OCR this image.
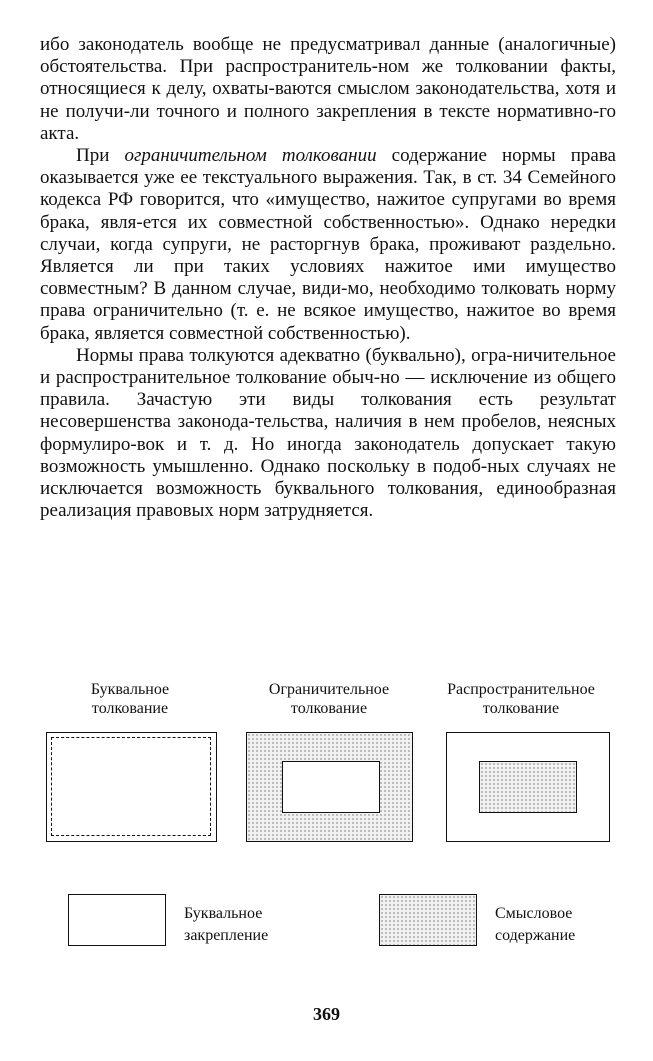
ибо законодатель вообще не предусматривал данные (аналогичные) обстоятельства. При распространитель-ном же толковании факты, относящиеся к делу, охваты-ваются смыслом законодательства, хотя и не получи-ли точного и полного закрепления в тексте нормативно-го акта.

При ограничительном толковании содержание нормы права оказывается уже ее текстуального выражения. Так, в ст. 34 Семейного кодекса РФ говорится, что «имущество, нажитое супругами во время брака, явля-ется их совместной собственностью». Однако нередки случаи, когда супруги, не расторгнув брака, проживают раздельно. Является ли при таких условиях нажитое ими имущество совместным? В данном случае, види-мо, необходимо толковать норму права ограничительно (т. е. не всякое имущество, нажитое во время брака, является совместной собственностью).

Нормы права толкуются адекватно (буквально), огра-ничительное и распространительное толкование обыч-но — исключение из общего правила. Зачастую эти виды толкования есть результат несовершенства законода-тельства, наличия в нем пробелов, неясных формулиро-вок и т. д. Но иногда законодатель допускает такую возможность умышленно. Однако поскольку в подоб-ных случаях не исключается возможность буквального толкования, единообразная реализация правовых норм затрудняется.

Буквальное
толкование
Ограничительное
толкование
Распространительное
толкование
Буквальное
закрепление
Смысловое
содержание
369
